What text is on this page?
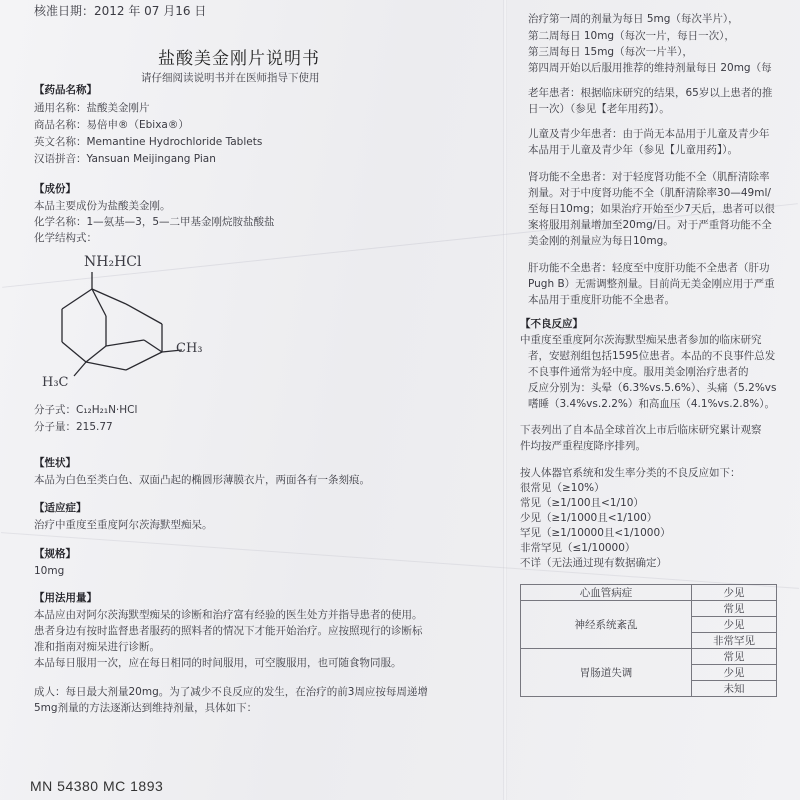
核准日期：2012 年 07 月16 日
盐酸美金刚片说明书
请仔细阅读说明书并在医师指导下使用
【药品名称】
通用名称：盐酸美金刚片
商品名称：易倍申®（Ebixa®）
英文名称：Memantine Hydrochloride Tablets
汉语拼音：Yansuan Meijingang Pian
【成份】
本品主要成份为盐酸美金刚。
化学名称：1—氨基—3，5—二甲基金刚烷胺盐酸盐
化学结构式：
NH₂HCl
CH₃
H₃C
分子式：C₁₂H₂₁N·HCl
分子量：215.77
【性状】
本品为白色至类白色、双面凸起的椭圆形薄膜衣片，两面各有一条刻痕。
【适应症】
治疗中重度至重度阿尔茨海默型痴呆。
【规格】
10mg
【用法用量】
本品应由对阿尔茨海默型痴呆的诊断和治疗富有经验的医生处方并指导患者的使用。
患者身边有按时监督患者服药的照料者的情况下才能开始治疗。应按照现行的诊断标
准和指南对痴呆进行诊断。
本品每日服用一次，应在每日相同的时间服用，可空腹服用，也可随食物同服。
成人：每日最大剂量20mg。为了减少不良反应的发生，在治疗的前3周应按每周递增
5mg剂量的方法逐渐达到维持剂量，具体如下：
MN 54380 MC 1893
治疗第一周的剂量为每日 5mg（每次半片），
第二周每日 10mg（每次一片，每日一次），
第三周每日 15mg（每次一片半），
第四周开始以后服用推荐的维持剂量每日 20mg（每
老年患者：根据临床研究的结果，65岁以上患者的推
日一次）（参见【老年用药】）。
儿童及青少年患者：由于尚无本品用于儿童及青少年
本品用于儿童及青少年（参见【儿童用药】）。
肾功能不全患者：对于轻度肾功能不全（肌酐清除率
剂量。对于中度肾功能不全（肌酐清除率30—49ml/
至每日10mg；如果治疗开始至少7天后，患者可以很
案将服用剂量增加至20mg/日。对于严重肾功能不全
美金刚的剂量应为每日10mg。
肝功能不全患者：轻度至中度肝功能不全患者（肝功
Pugh B）无需调整剂量。目前尚无美金刚应用于严重
本品用于重度肝功能不全患者。
【不良反应】
中重度至重度阿尔茨海默型痴呆患者参加的临床研究
者，安慰剂组包括1595位患者。本品的不良事件总发
不良事件通常为轻中度。服用美金刚治疗患者的
反应分别为：头晕（6.3%vs.5.6%）、头痛（5.2%vs
嗜睡（3.4%vs.2.2%）和高血压（4.1%vs.2.8%）。
下表列出了自本品全球首次上市后临床研究累计观察
件均按严重程度降序排列。
按人体器官系统和发生率分类的不良反应如下：
很常见（≥10%）
常见（≥1/100且<1/10）
少见（≥1/1000且<1/100）
罕见（≥1/10000且<1/1000）
非常罕见（≤1/10000）
不详（无法通过现有数据确定）
心血管病症	少见
神经系统紊乱	常见
	少见
	非常罕见
胃肠道失调	常见
	少见
	未知
